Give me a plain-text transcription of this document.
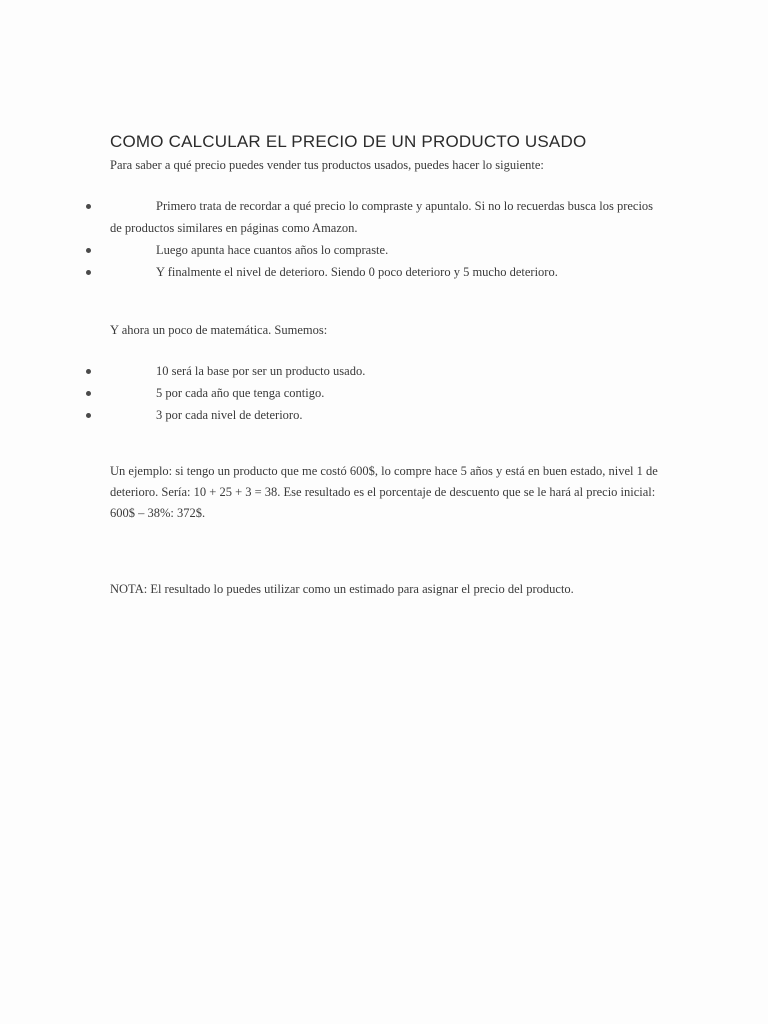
COMO CALCULAR EL PRECIO DE UN PRODUCTO USADO

Para saber a qué precio puedes vender tus productos usados, puedes hacer lo siguiente:

Primero trata de recordar a qué precio lo compraste y apuntalo. Si no lo recuerdas busca los precios de productos similares en páginas como Amazon.
Luego apunta hace cuantos años lo compraste.
Y finalmente el nivel de deterioro. Siendo 0 poco deterioro y 5 mucho deterioro.

Y ahora un poco de matemática. Sumemos:

10 será la base por ser un producto usado.
5 por cada año que tenga contigo.
3 por cada nivel de deterioro.

Un ejemplo: si tengo un producto que me costó 600$, lo compre hace 5 años y está en buen estado, nivel 1 de deterioro. Sería: 10 + 25 + 3 = 38. Ese resultado es el porcentaje de descuento que se le hará al precio inicial: 600$ – 38%: 372$.

NOTA: El resultado lo puedes utilizar como un estimado para asignar el precio del producto.
